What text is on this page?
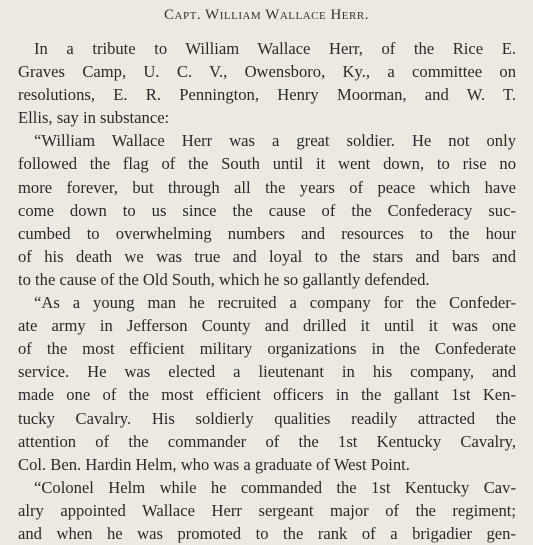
Capt. William Wallace Herr.
In a tribute to William Wallace Herr, of the Rice E.
Graves Camp, U. C. V., Owensboro, Ky., a committee on
resolutions, E. R. Pennington, Henry Moorman, and W. T.
Ellis, say in substance:
“William Wallace Herr was a great soldier. He not only
followed the flag of the South until it went down, to rise no
more forever, but through all the years of peace which have
come down to us since the cause of the Confederacy suc-
cumbed to overwhelming numbers and resources to the hour
of his death we was true and loyal to the stars and bars and
to the cause of the Old South, which he so gallantly defended.
“As a young man he recruited a company for the Confeder-
ate army in Jefferson County and drilled it until it was one
of the most efficient military organizations in the Confederate
service. He was elected a lieutenant in his company, and
made one of the most efficient officers in the gallant 1st Ken-
tucky Cavalry. His soldierly qualities readily attracted the
attention of the commander of the 1st Kentucky Cavalry,
Col. Ben. Hardin Helm, who was a graduate of West Point.
“Colonel Helm while he commanded the 1st Kentucky Cav-
alry appointed Wallace Herr sergeant major of the regiment;
and when he was promoted to the rank of a brigadier gen-
